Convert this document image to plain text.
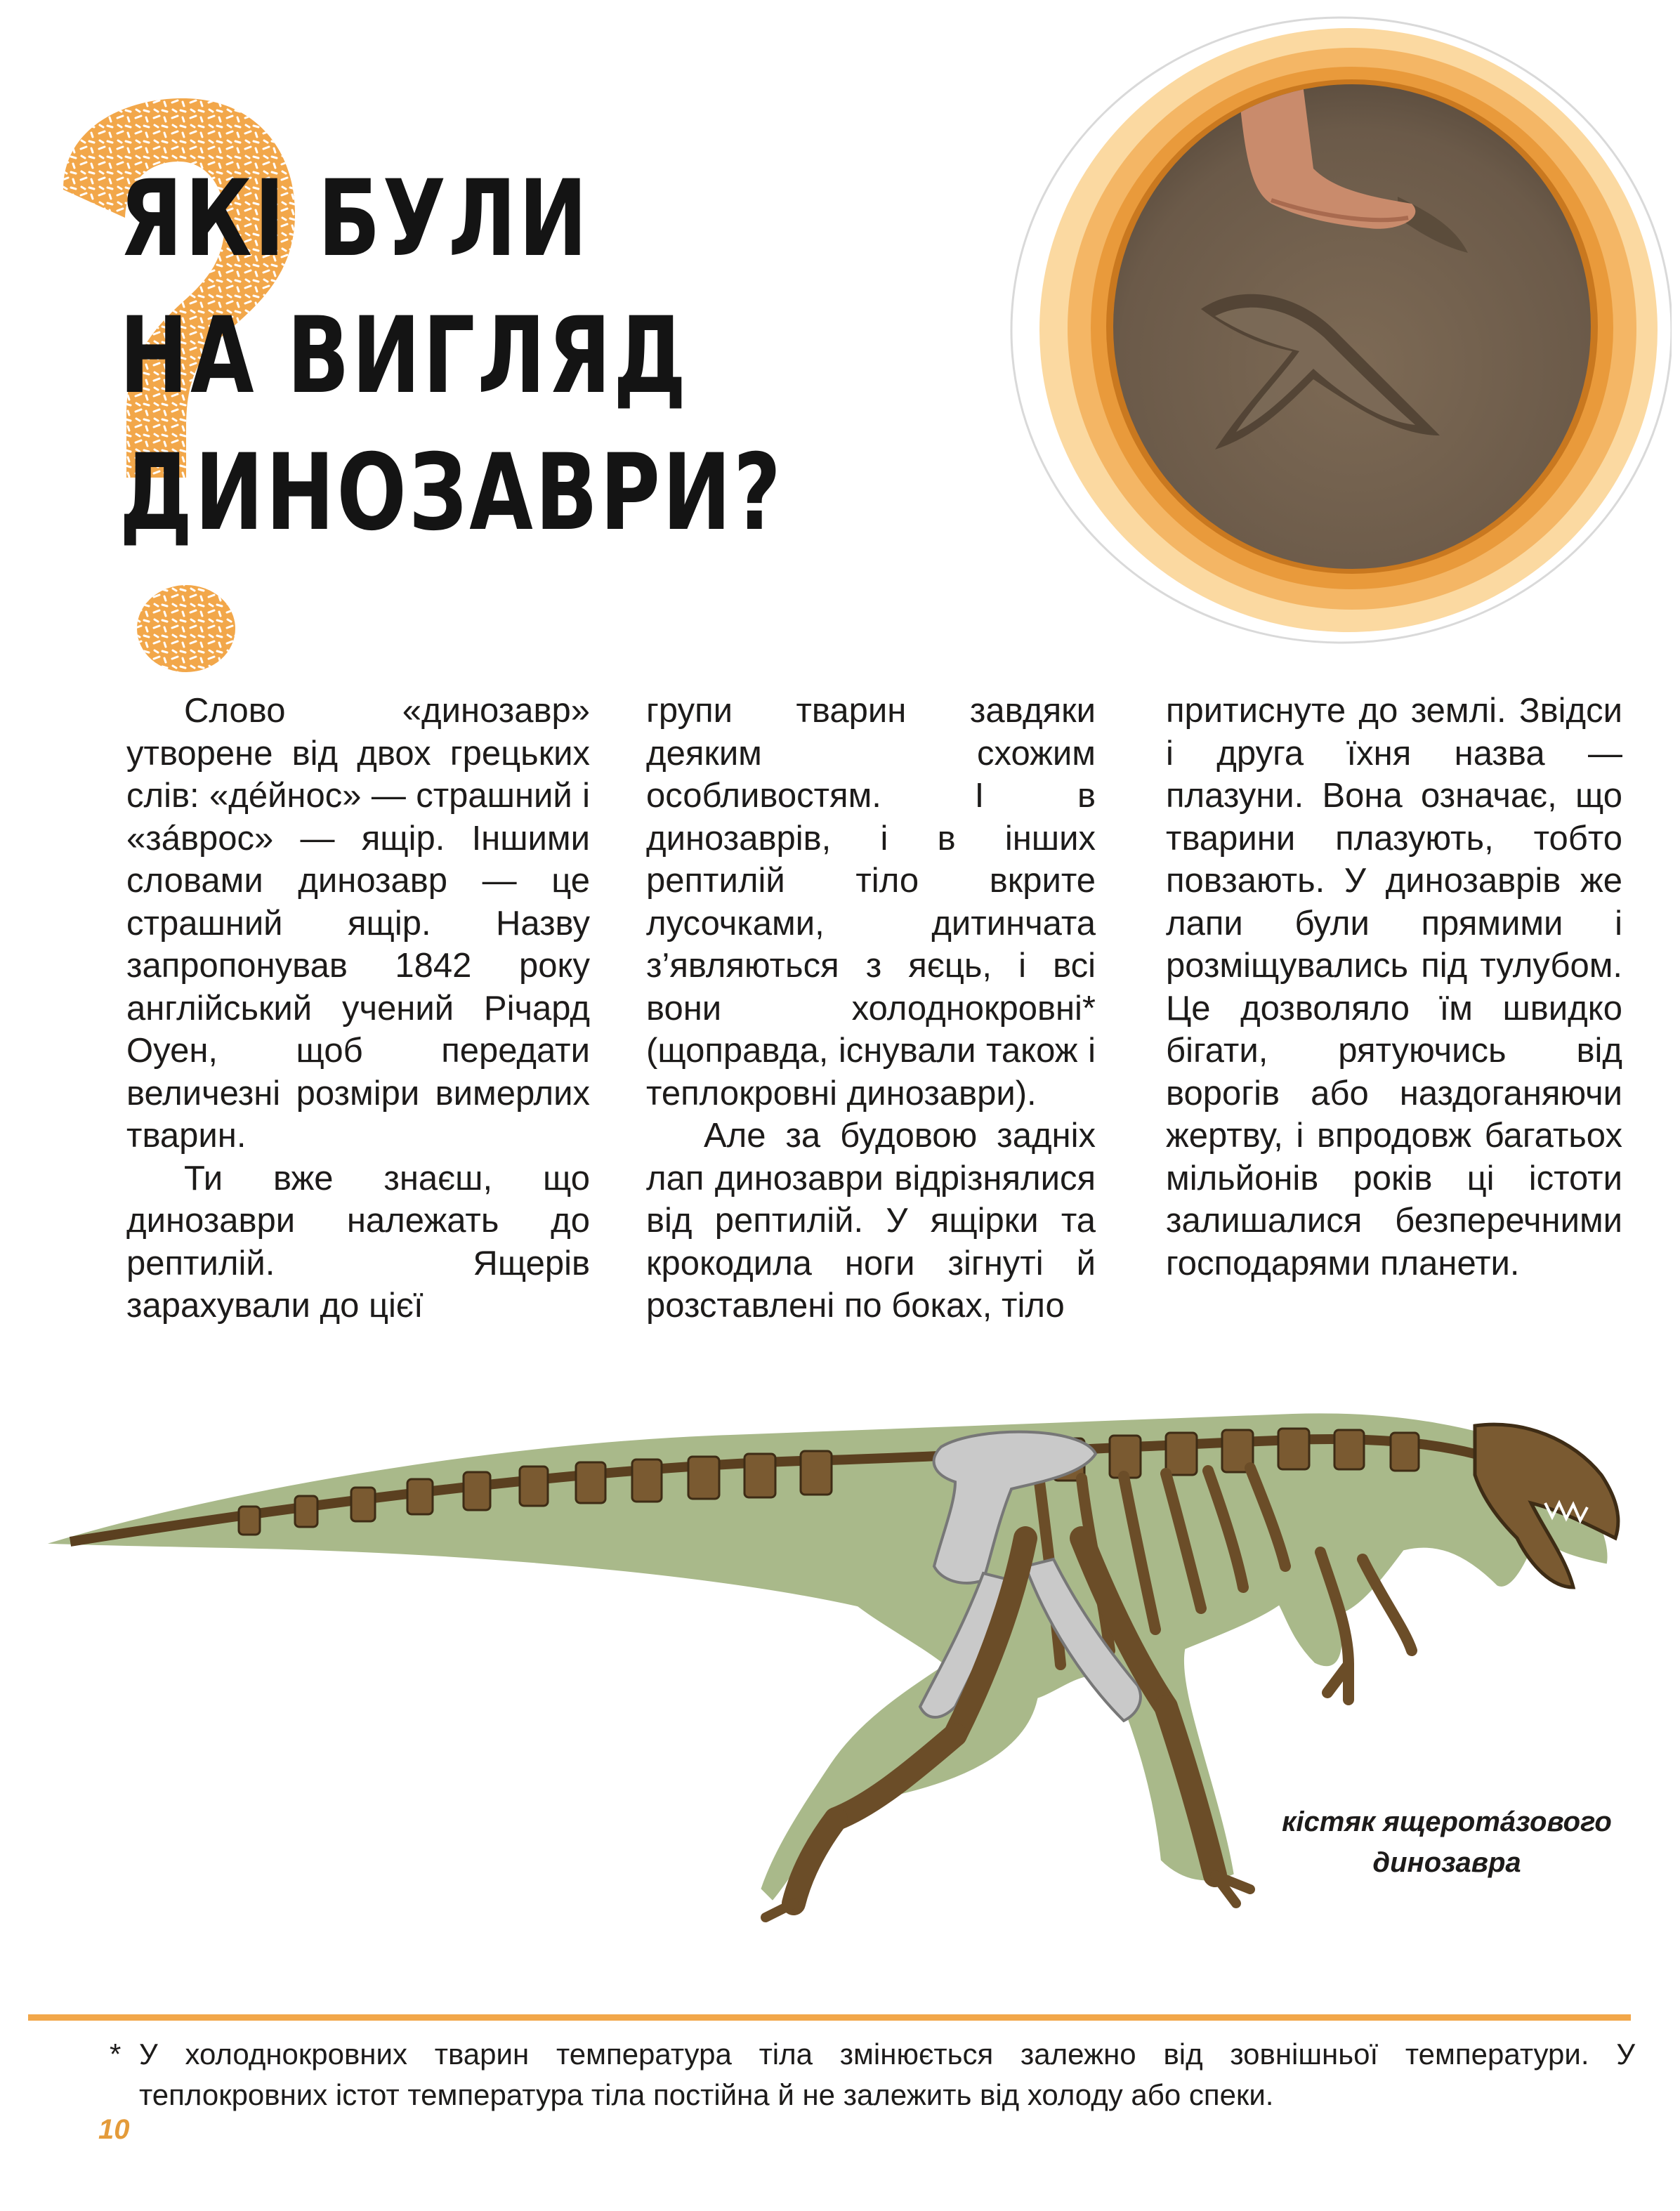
ЯКІ БУЛИ
НА ВИГЛЯД
ДИНОЗАВРИ?

Слово «динозавр» утворене від двох грецьких слів: «дéйнос» — страшний і «зáврос» — ящір. Іншими словами динозавр — це страшний ящір. Назву запропонував 1842 року англійський учений Річард Оуен, щоб передати величезні розміри вимерлих тварин.

Ти вже знаєш, що динозаври належать до рептилій. Ящерів зарахували до цієї

групи тварин завдяки деяким схожим особливостям. І в динозаврів, і в інших рептилій тіло вкрите лусочками, дитинчата з’являються з яєць, і всі вони холоднокровні* (щоправда, існували також і теплокровні динозаври).

Але за будовою задніх лап динозаври відрізнялися від рептилій. У ящірки та крокодила ноги зігнуті й розставлені по боках, тіло

притиснуте до землі. Звідси і друга їхня назва — плазуни. Вона означає, що тварини плазують, тобто повзають. У динозаврів же лапи були прямими і розміщувались під тулубом. Це дозволяло їм швидко бігати, рятуючись від ворогів або наздоганяючи жертву, і впродовж багатьох мільйонів років ці істоти залишалися безперечними господарями планети.

кістяк ящеротáзового
динозавра
* У холоднокровних тварин температура тіла змінюється залежно від зовнішньої температури. У теплокровних істот температура тіла постійна й не залежить від холоду або спеки.
10
